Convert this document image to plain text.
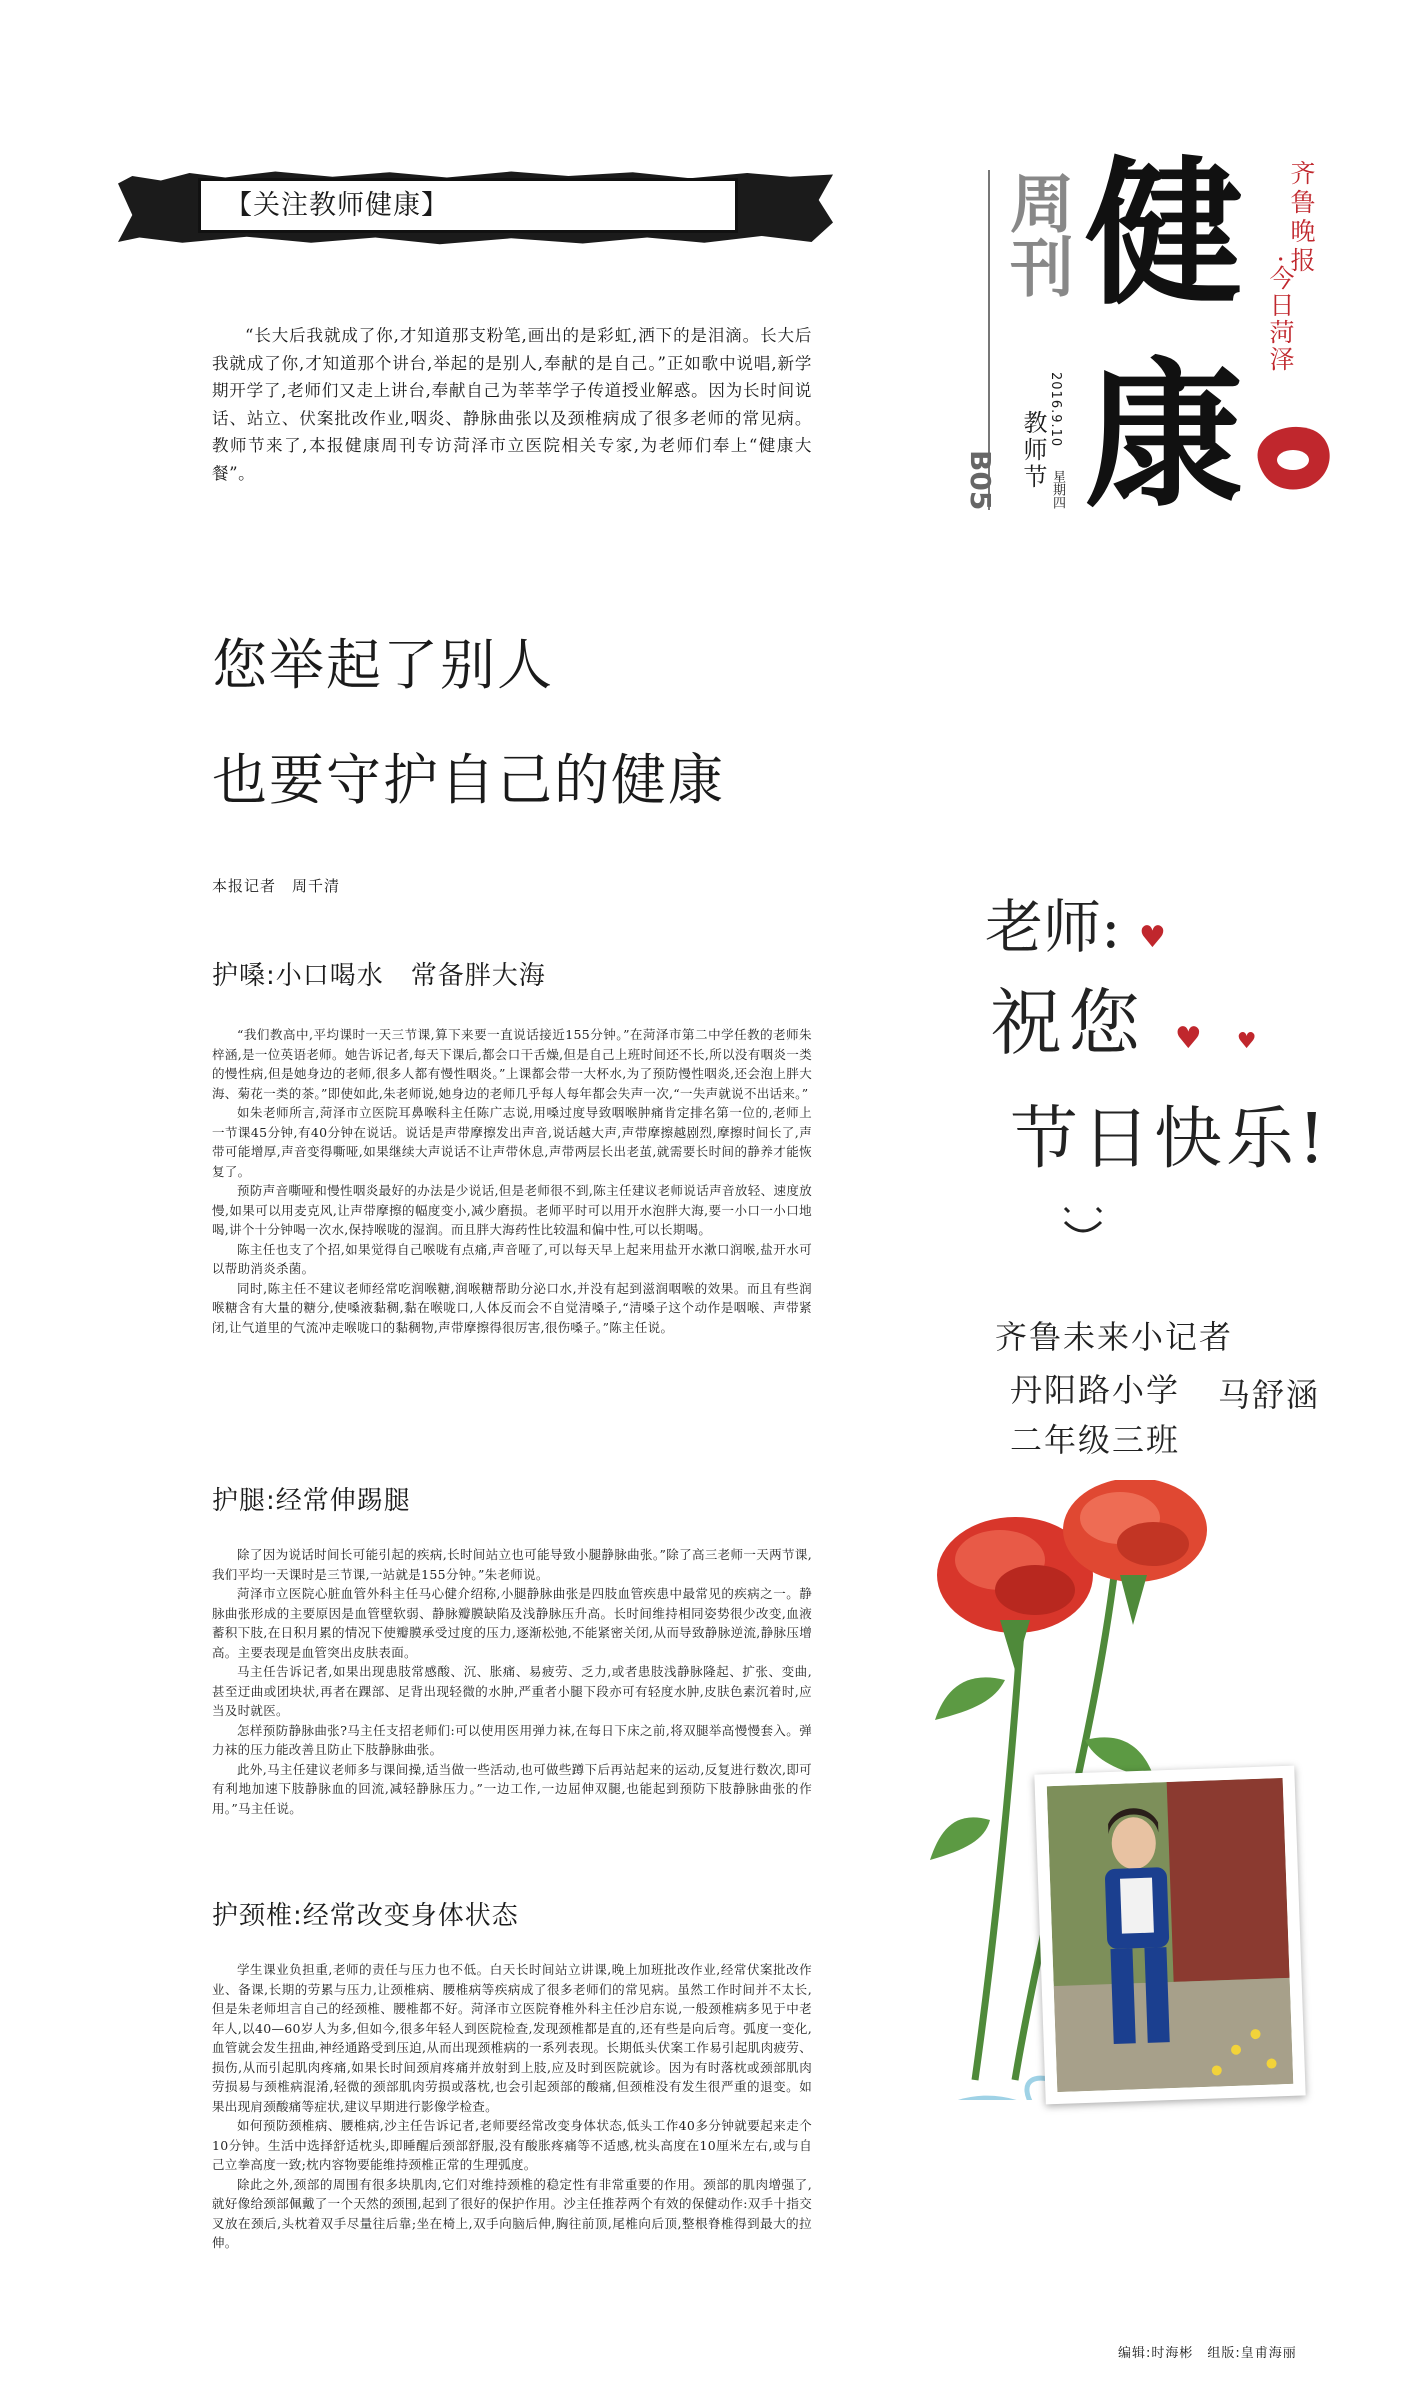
【关注教师健康】

“长大后我就成了你,才知道那支粉笔,画出的是彩虹,洒下的是泪滴。长大后我就成了你,才知道那个讲台,举起的是别人,奉献的是自己。”正如歌中说唱,新学期开学了,老师们又走上讲台,奉献自己为莘莘学子传道授业解惑。因为长时间说话、站立、伏案批改作业,咽炎、静脉曲张以及颈椎病成了很多老师的常见病。教师节来了,本报健康周刊专访菏泽市立医院相关专家,为老师们奉上“健康大餐”。

周刊 健
康
2016.9.10
星期四
教师节
B05
齐鲁晚报
·今日菏泽
您举起了别人
也要守护自己的健康
本报记者　周千清
护嗓:小口喝水　常备胖大海

“我们教高中,平均课时一天三节课,算下来要一直说话接近155分钟。”在菏泽市第二中学任教的老师朱梓涵,是一位英语老师。她告诉记者,每天下课后,都会口干舌燥,但是自己上班时间还不长,所以没有咽炎一类的慢性病,但是她身边的老师,很多人都有慢性咽炎。”上课都会带一大杯水,为了预防慢性咽炎,还会泡上胖大海、菊花一类的茶。”即使如此,朱老师说,她身边的老师几乎每人每年都会失声一次,“一失声就说不出话来。”

如朱老师所言,菏泽市立医院耳鼻喉科主任陈广志说,用嗓过度导致咽喉肿痛肯定排名第一位的,老师上一节课45分钟,有40分钟在说话。说话是声带摩擦发出声音,说话越大声,声带摩擦越剧烈,摩擦时间长了,声带可能增厚,声音变得嘶哑,如果继续大声说话不让声带休息,声带两层长出老茧,就需要长时间的静养才能恢复了。

预防声音嘶哑和慢性咽炎最好的办法是少说话,但是老师很不到,陈主任建议老师说话声音放轻、速度放慢,如果可以用麦克风,让声带摩擦的幅度变小,减少磨损。老师平时可以用开水泡胖大海,要一小口一小口地喝,讲个十分钟喝一次水,保持喉咙的湿润。而且胖大海药性比较温和偏中性,可以长期喝。

陈主任也支了个招,如果觉得自己喉咙有点痛,声音哑了,可以每天早上起来用盐开水漱口润喉,盐开水可以帮助消炎杀菌。

同时,陈主任不建议老师经常吃润喉糖,润喉糖帮助分泌口水,并没有起到滋润咽喉的效果。而且有些润喉糖含有大量的糖分,使嗓液黏稠,黏在喉咙口,人体反而会不自觉清嗓子,“清嗓子这个动作是咽喉、声带紧闭,让气道里的气流冲走喉咙口的黏稠物,声带摩擦得很厉害,很伤嗓子。”陈主任说。

护腿:经常伸踢腿

除了因为说话时间长可能引起的疾病,长时间站立也可能导致小腿静脉曲张。”除了高三老师一天两节课,我们平均一天课时是三节课,一站就是155分钟。”朱老师说。

菏泽市立医院心脏血管外科主任马心健介绍称,小腿静脉曲张是四肢血管疾患中最常见的疾病之一。静脉曲张形成的主要原因是血管壁软弱、静脉瓣膜缺陷及浅静脉压升高。长时间维持相同姿势很少改变,血液蓄积下肢,在日积月累的情况下使瓣膜承受过度的压力,逐渐松弛,不能紧密关闭,从而导致静脉逆流,静脉压增高。主要表现是血管突出皮肤表面。

马主任告诉记者,如果出现患肢常感酸、沉、胀痛、易疲劳、乏力,或者患肢浅静脉隆起、扩张、变曲,甚至迂曲或团块状,再者在踝部、足背出现轻微的水肿,严重者小腿下段亦可有轻度水肿,皮肤色素沉着时,应当及时就医。

怎样预防静脉曲张?马主任支招老师们:可以使用医用弹力袜,在每日下床之前,将双腿举高慢慢套入。弹力袜的压力能改善且防止下肢静脉曲张。

此外,马主任建议老师多与课间操,适当做一些活动,也可做些蹲下后再站起来的运动,反复进行数次,即可有利地加速下肢静脉血的回流,减轻静脉压力。”一边工作,一边屈伸双腿,也能起到预防下肢静脉曲张的作用。”马主任说。

护颈椎:经常改变身体状态

学生课业负担重,老师的责任与压力也不低。白天长时间站立讲课,晚上加班批改作业,经常伏案批改作业、备课,长期的劳累与压力,让颈椎病、腰椎病等疾病成了很多老师们的常见病。虽然工作时间并不太长,但是朱老师坦言自己的经颈椎、腰椎都不好。菏泽市立医院脊椎外科主任沙启东说,一般颈椎病多见于中老年人,以40—60岁人为多,但如今,很多年轻人到医院检查,发现颈椎都是直的,还有些是向后弯。弧度一变化,血管就会发生扭曲,神经通路受到压迫,从而出现颈椎病的一系列表现。长期低头伏案工作易引起肌肉疲劳、损伤,从而引起肌肉疼痛,如果长时间颈肩疼痛并放射到上肢,应及时到医院就诊。因为有时落枕或颈部肌肉劳损易与颈椎病混淆,轻微的颈部肌肉劳损或落枕,也会引起颈部的酸痛,但颈椎没有发生很严重的退变。如果出现肩颈酸痛等症状,建议早期进行影像学检查。

如何预防颈椎病、腰椎病,沙主任告诉记者,老师要经常改变身体状态,低头工作40多分钟就要起来走个10分钟。生活中选择舒适枕头,即睡醒后颈部舒服,没有酸胀疼痛等不适感,枕头高度在10厘米左右,或与自己立拳高度一致;枕内容物要能维持颈椎正常的生理弧度。

除此之外,颈部的周围有很多块肌肉,它们对维持颈椎的稳定性有非常重要的作用。颈部的肌肉增强了,就好像给颈部佩戴了一个天然的颈围,起到了很好的保护作用。沙主任推荐两个有效的保健动作:双手十指交叉放在颈后,头枕着双手尽量往后靠;坐在椅上,双手向脑后伸,胸往前顶,尾椎向后顶,整根脊椎得到最大的拉伸。

老师: ♥
祝您 ♥ ♥
节日快乐!
齐鲁未来小记者
丹阳路小学 马舒涵
二年级三班
编辑:时海彬　组版:皇甫海丽
